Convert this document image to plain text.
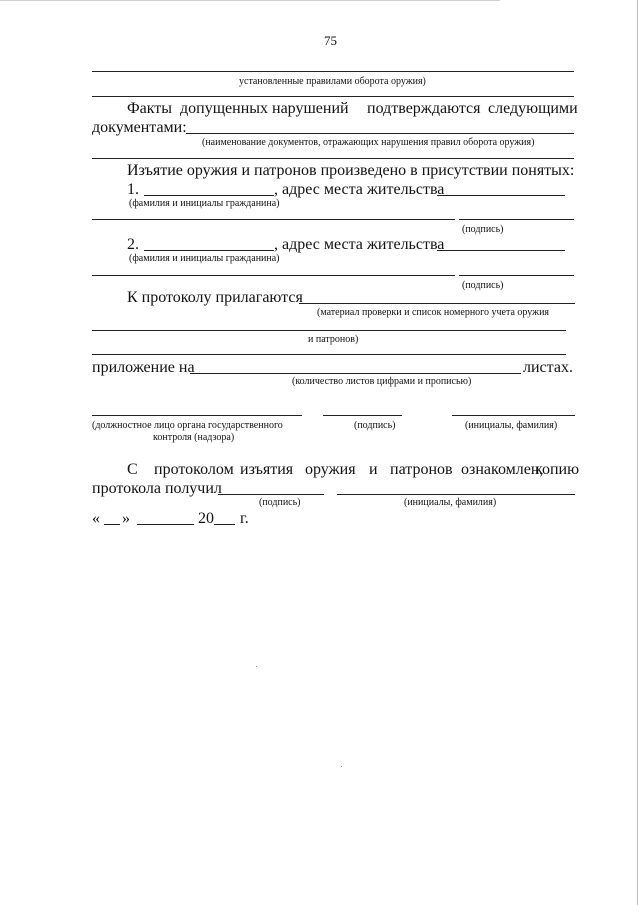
75
установленные правилами оборота оружия)
Факты допущенных нарушений подтверждаются следующими
документами:
(наименование документов, отражающих нарушения правил оборота оружия)
Изъятие оружия и патронов произведено в присутствии понятых:
1.	, адрес места жительства
(фамилия и инициалы гражданина)
(подпись)
2.	, адрес места жительства
(фамилия и инициалы гражданина)
(подпись)
К протоколу прилагаются
(материал проверки и список номерного учета оружия
и патронов)
приложение на	листах.
(количество листов цифрами и прописью)
(должностное лицо органа государственного
контроля (надзора)
(подпись)	(инициалы, фамилия)
С протоколом изъятия оружия и патронов ознакомлен,
копию
протокола получил
(подпись)	(инициалы, фамилия)
« »	20 г.
